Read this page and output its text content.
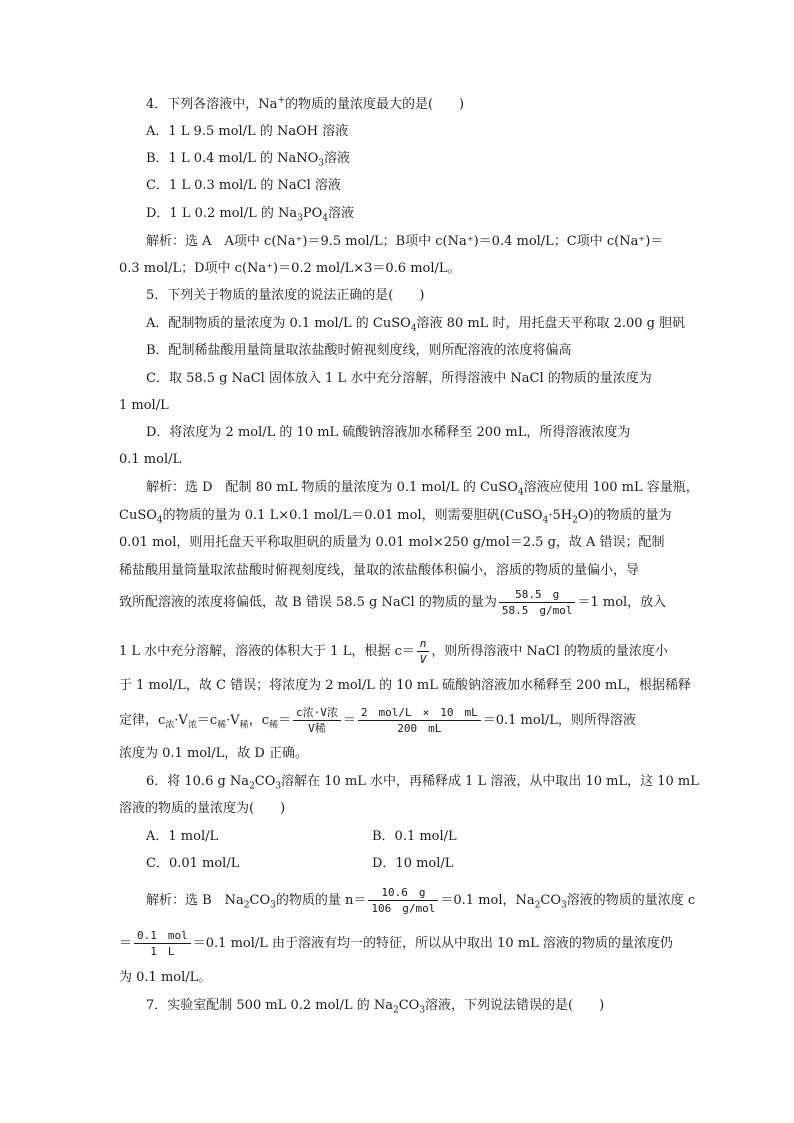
4．下列各溶液中，Na+的物质的量浓度最大的是(　　)
A．1 L 9.5 mol/L 的 NaOH 溶液
B．1 L 0.4 mol/L 的 NaNO$_3$溶液
C．1 L 0.3 mol/L 的 NaCl 溶液
D．1 L 0.2 mol/L 的 $Na_3PO_4$溶液
解析：选 A　A项中 c(Na⁺)＝9.5 mol/L；B项中 c(Na⁺)＝0.4 mol/L；C项中 c(Na⁺)＝
0.3 mol/L；D项中 c(Na⁺)＝0.2 mol/L×3＝0.6 mol/L。
5．下列关于物质的量浓度的说法正确的是(　　)
A．配制物质的量浓度为 0.1 mol/L 的 CuSO$_4$溶液 80 mL 时，用托盘天平称取 2.00 g 胆矾
B．配制稀盐酸用量筒量取浓盐酸时俯视刻度线，则所配溶液的浓度将偏高
C．取 58.5 g NaCl 固体放入 1 L 水中充分溶解，所得溶液中 NaCl 的物质的量浓度为
1 mol/L
D．将浓度为 2 mol/L 的 10 mL 硫酸钠溶液加水稀释至 200 mL，所得溶液浓度为
0.1 mol/L
解析：选 D　配制 80 mL 物质的量浓度为 0.1 mol/L 的 CuSO$_4$溶液应使用 100 mL 容量瓶，
CuSO$_4$的物质的量为 0.1 L×0.1 mol/L＝0.01 mol，则需要胆矾$(CuSO_4\cdot 5H_2O)$的物质的量为
0.01 mol，则用托盘天平称取胆矾的质量为 0.01 mol×250 g/mol＝2.5 g，故 A 错误；配制
稀盐酸用量筒量取浓盐酸时俯视刻度线，量取的浓盐酸体积偏小，溶质的物质的量偏小，导
致所配溶液的浓度将偏低，故 B 错误 58.5 g NaCl 的物质的量为 $\frac{58.5 g}{\text{58.5　g/mol}} =1$ mol，放入
1 L 水中充分溶解，溶液的体积大于 1 L，根据 $c= \frac{n}{V}$ ，则所得溶液中 NaCl 的物质的量浓度小
于 1 mol/L，故 C 错误；将浓度为 2 mol/L 的 10 mL 硫酸钠溶液加水稀释至 200 mL，根据稀释
定律，$c_浓\cdot V_浓=c_稀\cdot V_稀$，$c_稀= \frac{\text{c浓·V浓}}{\text{V稀}} = \frac{\text{2　mol/L　×　10　mL}}{200 mL} =0.1$ mol/L，则所得溶液
浓度为 0.1 mol/L，故 D 正确。
6．将 10.6 g $Na_2CO_3$溶解在 10 mL 水中，再稀释成 1 L 溶液，从中取出 10 mL，这 10 mL
溶液的物质的量浓度为(　　)
A．1 mol/L	B．0.1 mol/L
C．0.01 mol/L	D．10 mol/L
解析：选 B　$Na_2CO_3$的物质的量 $n= \frac{10.6 g}{\text{106　g/mol}} =0.1$ mol，$Na_2CO_3$溶液的物质的量浓度 c
＝ $\frac{\text{0.1　mol}}{1 L} =0.1$ mol/L 由于溶液有均一的特征，所以从中取出 10 mL 溶液的物质的量浓度仍
为 0.1 mol/L。
7．实验室配制 500 mL 0.2 mol/L 的 $Na_2CO_3$溶液，下列说法错误的是(　　)
